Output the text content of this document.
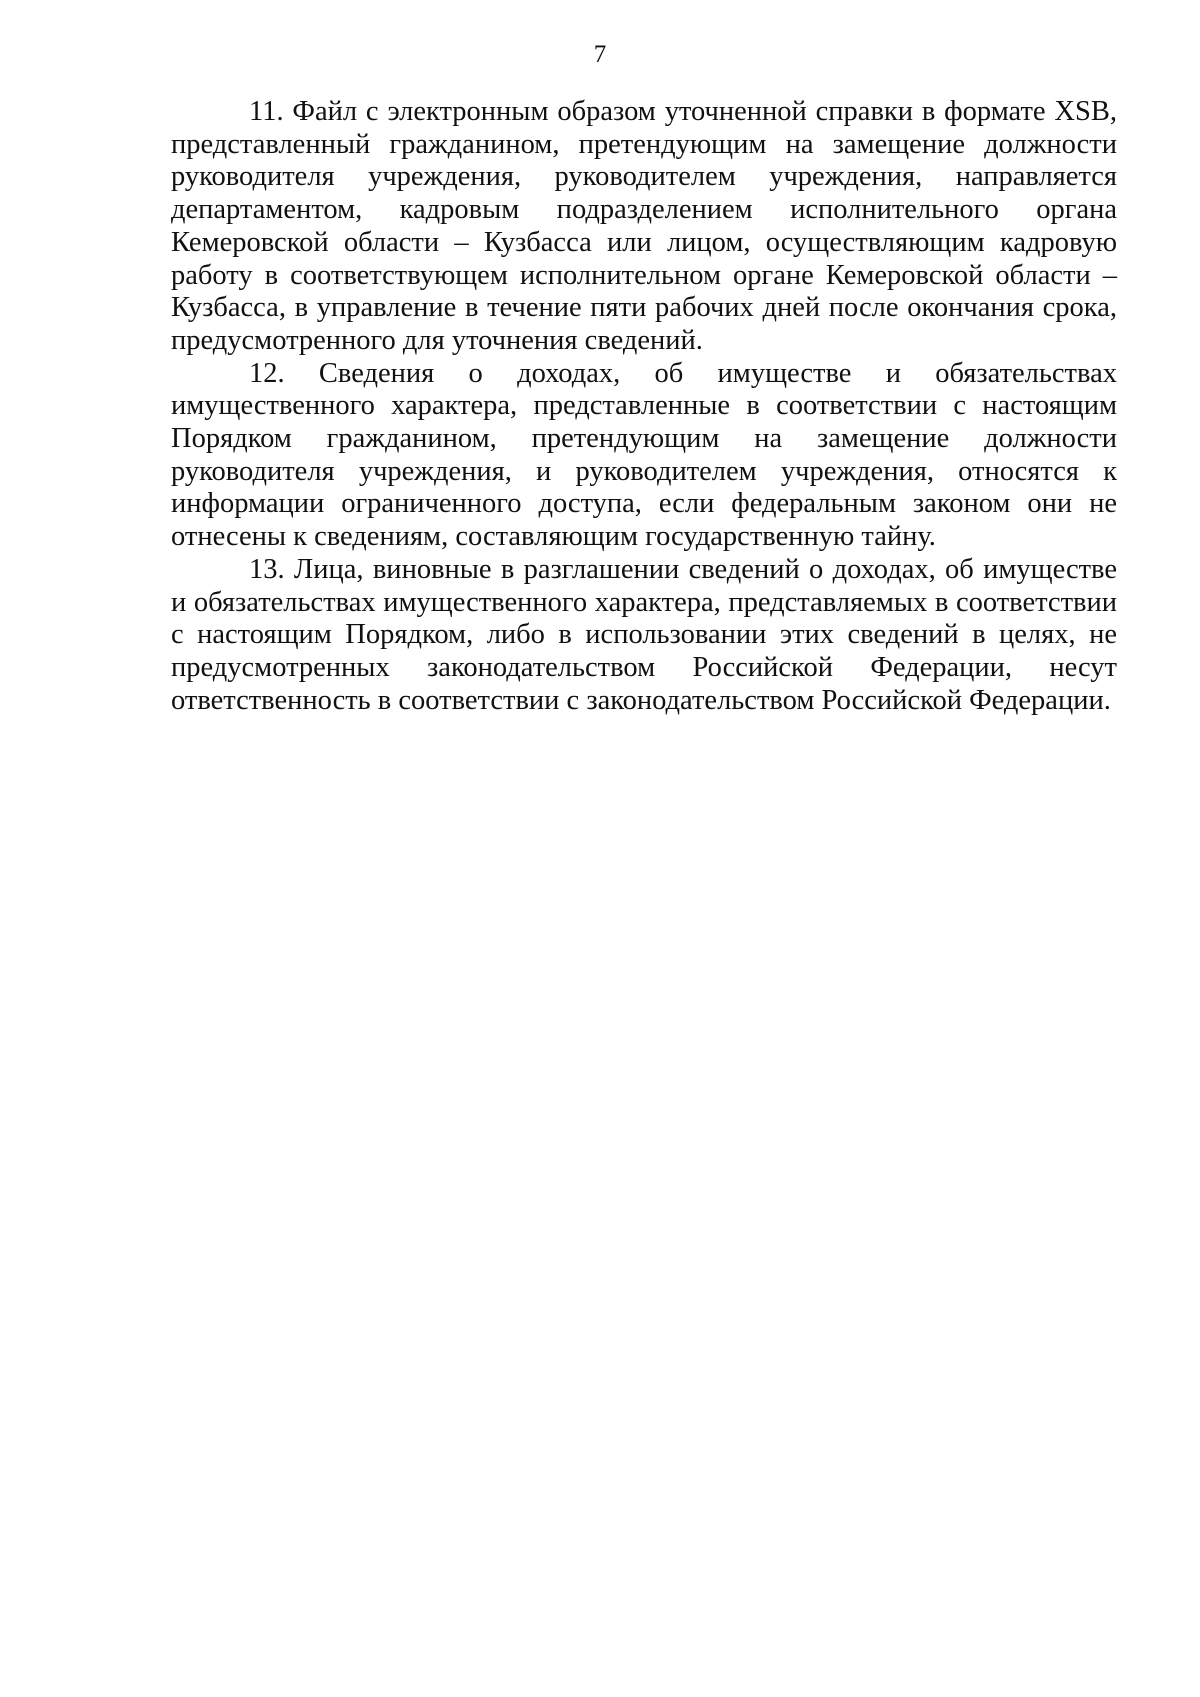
7

11. Файл с электронным образом уточненной справки в формате XSB, представленный гражданином, претендующим на замещение должности руководителя учреждения, руководителем учреждения, направляется департаментом, кадровым подразделением исполнительного органа Кемеровской области – Кузбасса или лицом, осуществляющим кадровую работу в соответствующем исполнительном органе Кемеровской области – Кузбасса, в управление в течение пяти рабочих дней после окончания срока, предусмотренного для уточнения сведений.

12. Сведения о доходах, об имуществе и обязательствах имущественного характера, представленные в соответствии с настоящим Порядком гражданином, претендующим на замещение должности руководителя учреждения, и руководителем учреждения, относятся к информации ограниченного доступа, если федеральным законом они не отнесены к сведениям, составляющим государственную тайну.

13. Лица, виновные в разглашении сведений о доходах, об имуществе и обязательствах имущественного характера, представляемых в соответствии с настоящим Порядком, либо в использовании этих сведений в целях, не предусмотренных законодательством Российской Федерации, несут ответственность в соответствии с законодательством Российской Федерации.
